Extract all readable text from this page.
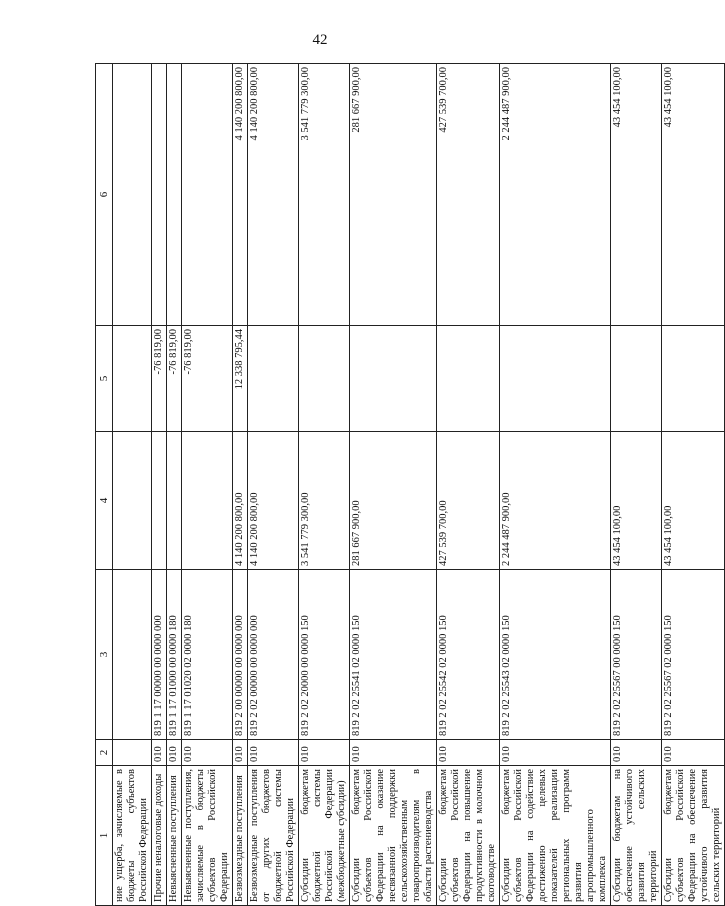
42
1	2	3	4	5	6
ние ущерба, зачисляемые в бюджеты субъектов Российской Федерации					
Прочие неналоговые доходы	010	819 1 17 00000 00 0000 000		-76 819,00	
Невыясненные поступления	010	819 1 17 01000 00 0000 180		-76 819,00	
Невыясненные поступления, зачисляемые в бюджеты субъектов Российской Федерации	010	819 1 17 01020 02 0000 180		-76 819,00	
Безвозмездные поступления	010	819 2 00 00000 00 0000 000	4 140 200 800,00	12 338 795,44	4 140 200 800,00
Безвозмездные поступления от других бюджетов бюджетной системы Российской Федерации	010	819 2 02 00000 00 0000 000	4 140 200 800,00		4 140 200 800,00
Субсидии бюджетам бюджетной системы Российской Федерации (межбюджетные субсидии)	010	819 2 02 20000 00 0000 150	3 541 779 300,00		3 541 779 300,00
Субсидии бюджетам субъектов Российской Федерации на оказание несвязанной поддержки сельскохозяйственным товаропроизводителям в области растениеводства	010	819 2 02 25541 02 0000 150	281 667 900,00		281 667 900,00
Субсидии бюджетам субъектов Российской Федерации на повышение продуктивности в молочном скотоводстве	010	819 2 02 25542 02 0000 150	427 539 700,00		427 539 700,00
Субсидии бюджетам субъектов Российской Федерации на содействие достижению целевых показателей реализации региональных программ развития агропромышленного комплекса	010	819 2 02 25543 02 0000 150	2 244 487 900,00		2 244 487 900,00
Субсидии бюджетам на обеспечение устойчивого развития сельских территорий	010	819 2 02 25567 00 0000 150	43 454 100,00		43 454 100,00
Субсидии бюджетам субъектов Российской Федерации на обеспечение устойчивого развития сельских территорий	010	819 2 02 25567 02 0000 150	43 454 100,00		43 454 100,00
